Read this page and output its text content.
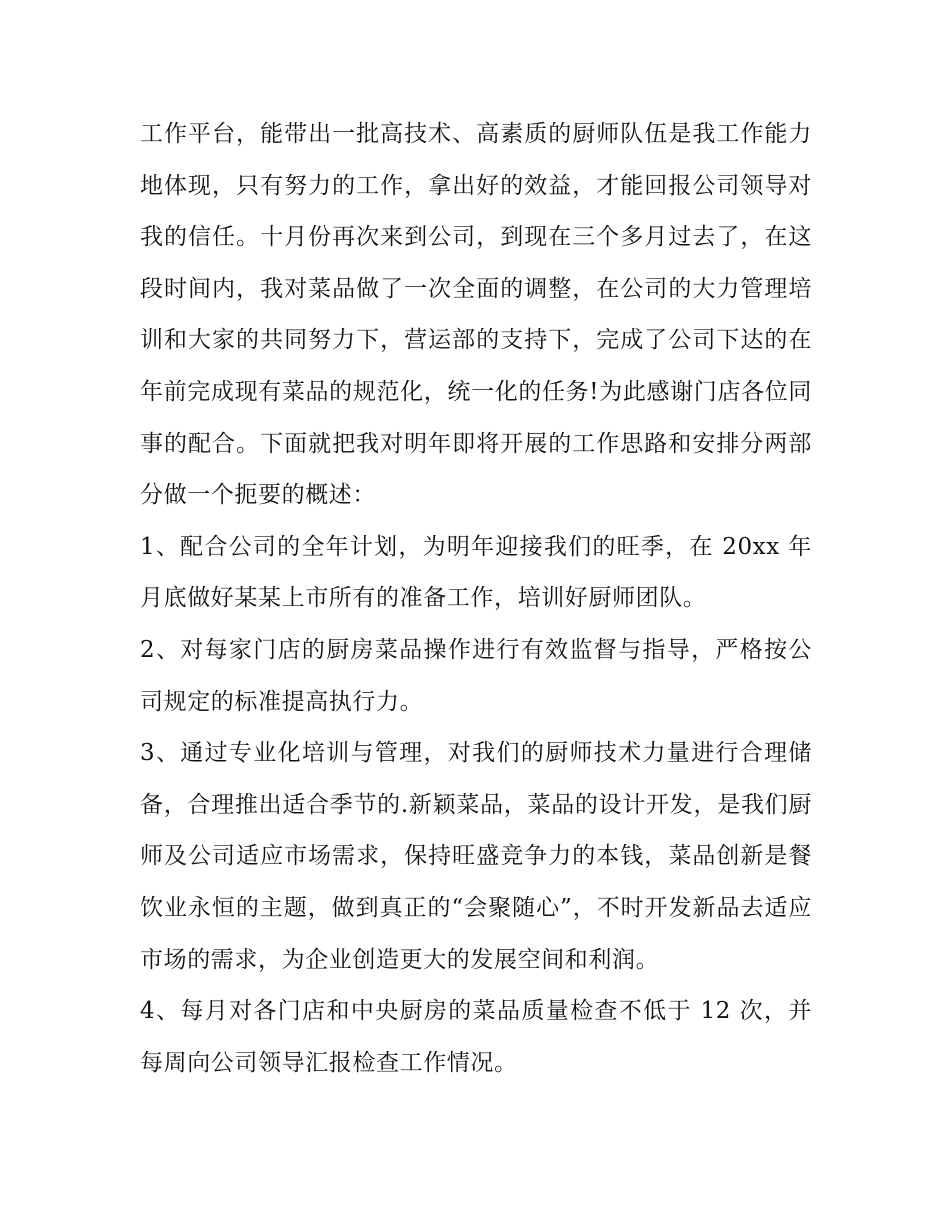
工作平台，能带出一批高技术、高素质的厨师队伍是我工作能力地体现，只有努力的工作，拿出好的效益，才能回报公司领导对我的信任。十月份再次来到公司，到现在三个多月过去了，在这段时间内，我对菜品做了一次全面的调整，在公司的大力管理培训和大家的共同努力下，营运部的支持下，完成了公司下达的在年前完成现有菜品的规范化，统一化的任务!为此感谢门店各位同事的配合。下面就把我对明年即将开展的工作思路和安排分两部分做一个扼要的概述：

1、配合公司的全年计划，为明年迎接我们的旺季，在 20xx 年月底做好某某上市所有的准备工作，培训好厨师团队。

2、对每家门店的厨房菜品操作进行有效监督与指导，严格按公司规定的标准提高执行力。

3、通过专业化培训与管理，对我们的厨师技术力量进行合理储备，合理推出适合季节的.新颖菜品，菜品的设计开发，是我们厨师及公司适应市场需求，保持旺盛竞争力的本钱，菜品创新是餐饮业永恒的主题，做到真正的“会聚随心”，不时开发新品去适应市场的需求，为企业创造更大的发展空间和利润。

4、每月对各门店和中央厨房的菜品质量检查不低于 12 次，并每周向公司领导汇报检查工作情况。
